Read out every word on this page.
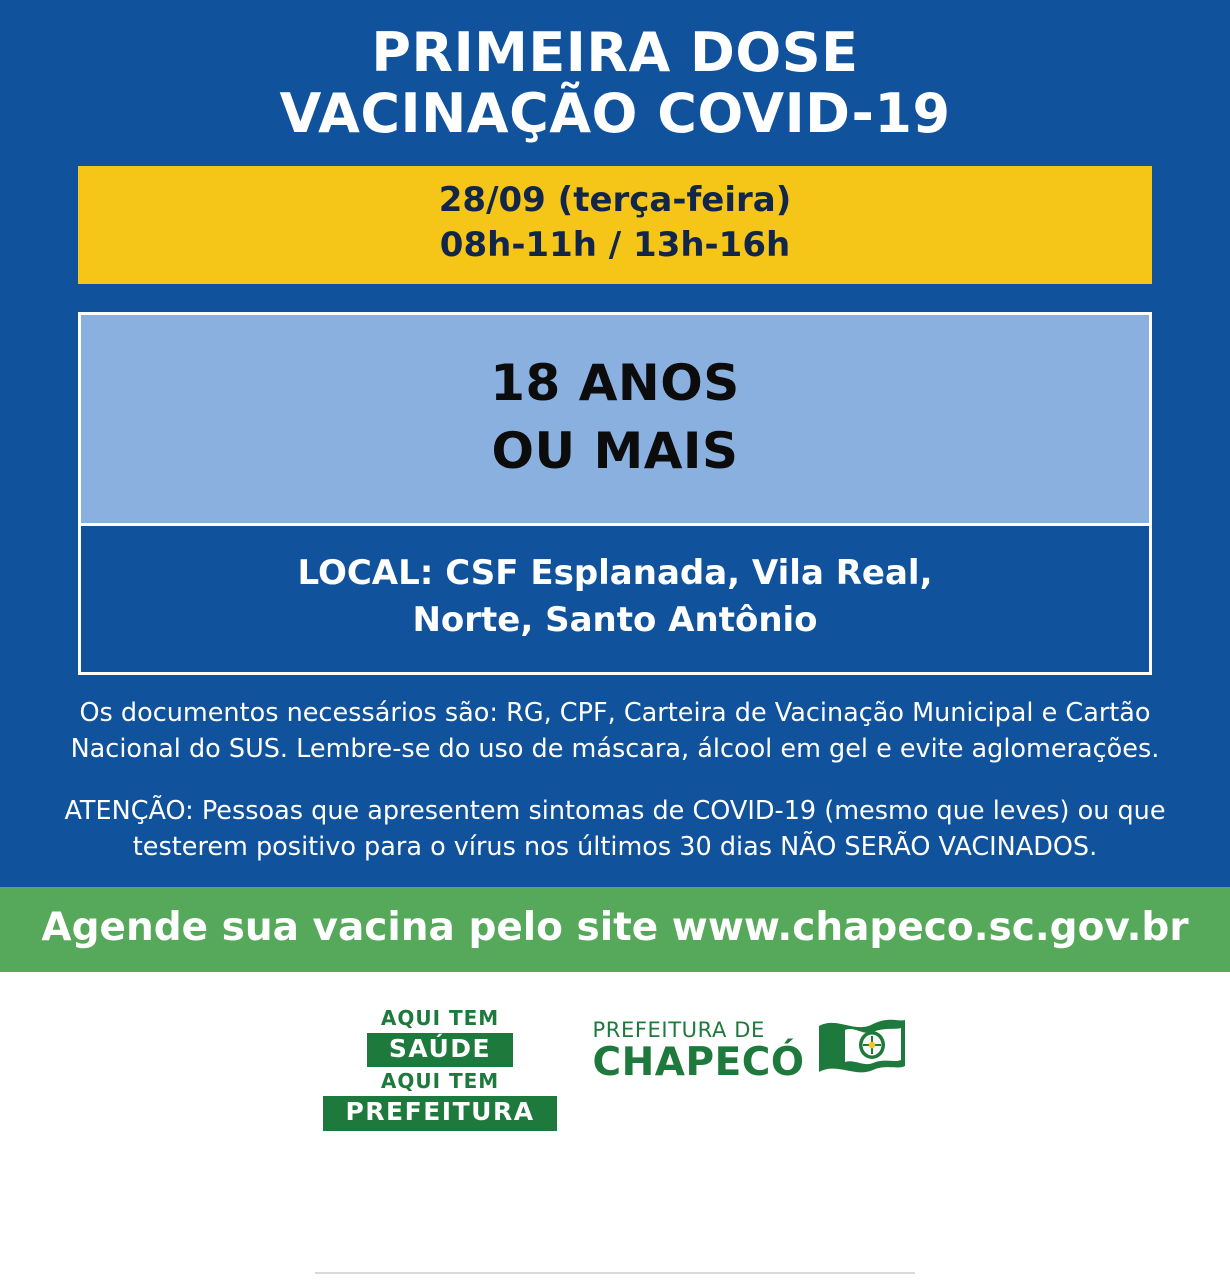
PRIMEIRA DOSE
VACINAÇÃO COVID-19
28/09 (terça-feira)
08h-11h / 13h-16h
18 ANOS
OU MAIS
LOCAL: CSF Esplanada, Vila Real,
Norte, Santo Antônio

Os documentos necessários são: RG, CPF, Carteira de Vacinação Municipal e Cartão Nacional do SUS. Lembre-se do uso de máscara, álcool em gel e evite aglomerações.

ATENÇÃO: Pessoas que apresentem sintomas de COVID-19 (mesmo que leves) ou que testerem positivo para o vírus nos últimos 30 dias NÃO SERÃO VACINADOS.

Agende sua vacina pelo site www.chapeco.sc.gov.br
AQUI TEM
SAÚDE
AQUI TEM
PREFEITURA
PREFEITURA DE
CHAPECÓ
